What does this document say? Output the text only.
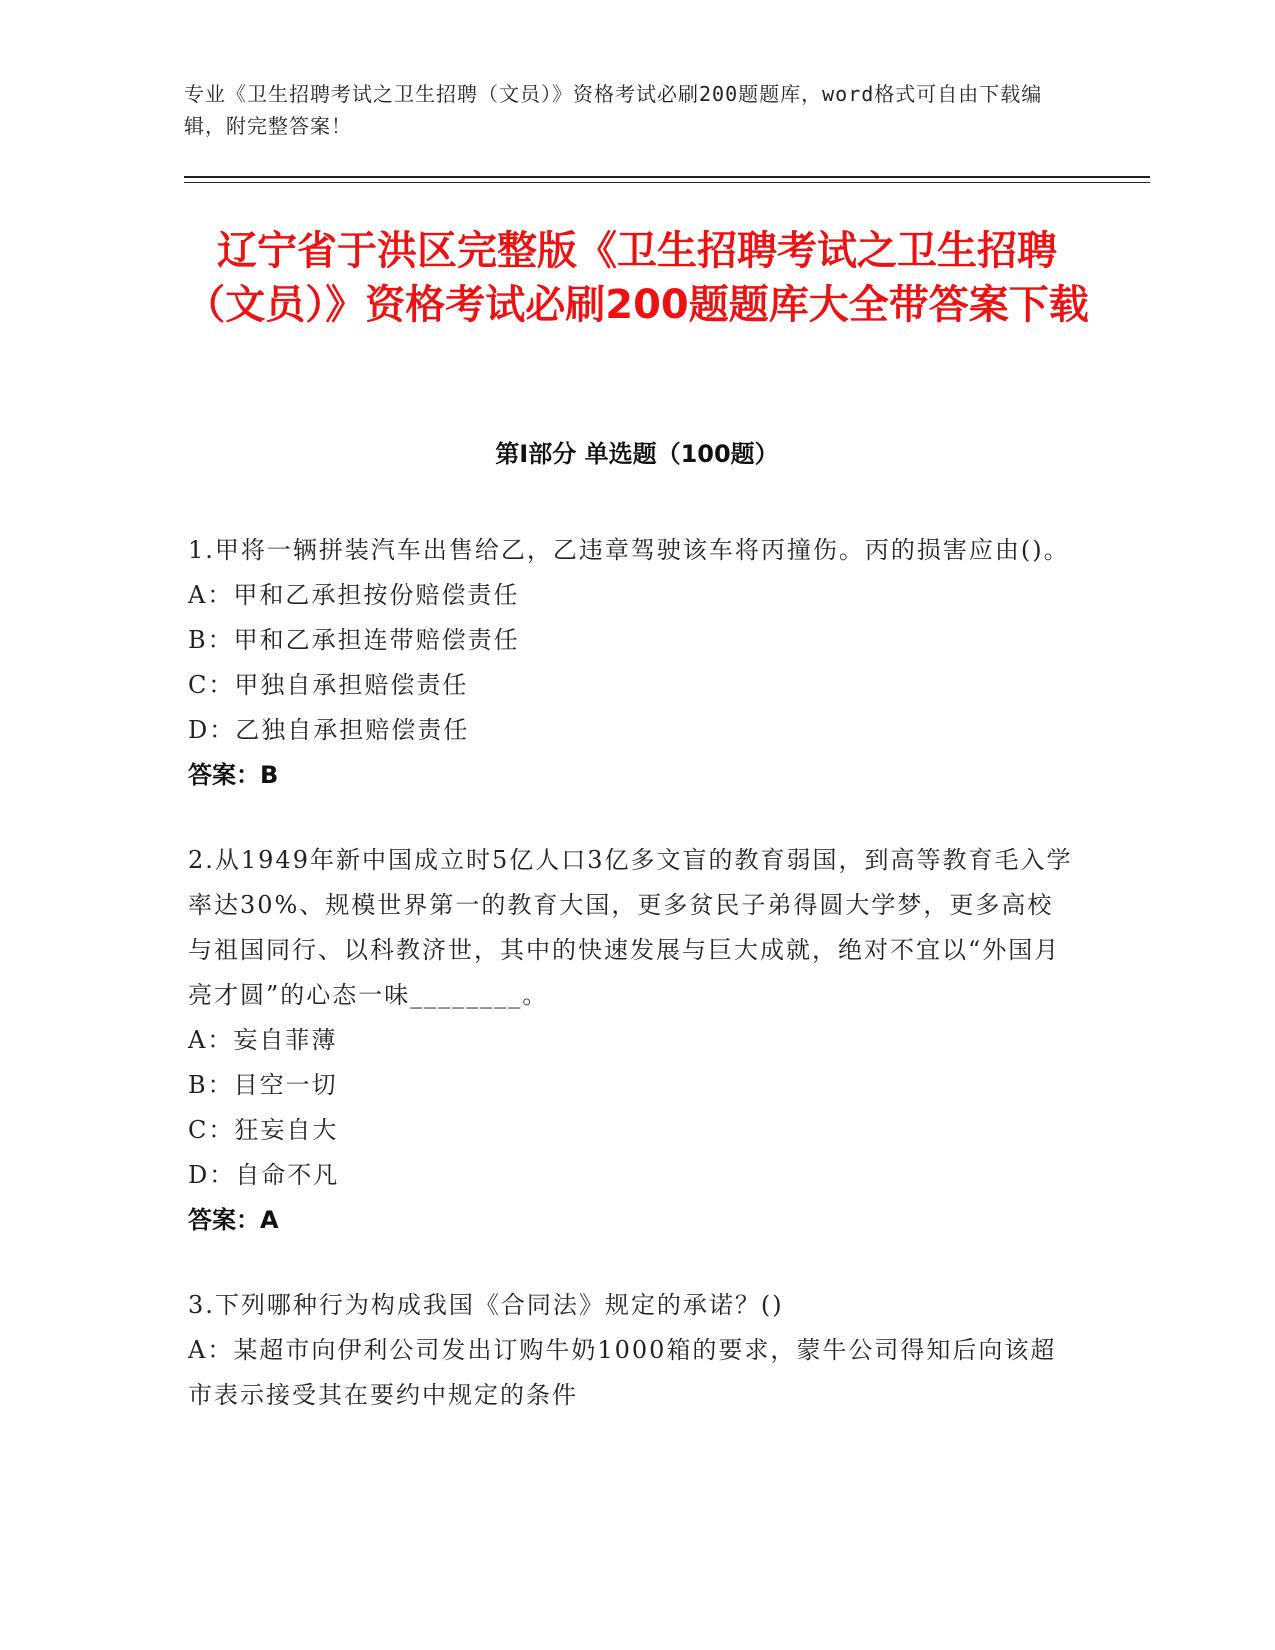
专业《卫生招聘考试之卫生招聘（文员）》资格考试必刷200题题库，word格式可自由下载编辑，附完整答案！
辽宁省于洪区完整版《卫生招聘考试之卫生招聘（文员）》资格考试必刷200题题库大全带答案下载
第Ⅰ部分 单选题（100题）
1.甲将一辆拼装汽车出售给乙，乙违章驾驶该车将丙撞伤。丙的损害应由()。
A：甲和乙承担按份赔偿责任
B：甲和乙承担连带赔偿责任
C：甲独自承担赔偿责任
D：乙独自承担赔偿责任
答案：B
2.从1949年新中国成立时5亿人口3亿多文盲的教育弱国，到高等教育毛入学率达30%、规模世界第一的教育大国，更多贫民子弟得圆大学梦，更多高校与祖国同行、以科教济世，其中的快速发展与巨大成就，绝对不宜以“外国月亮才圆”的心态一味________。
A：妄自菲薄
B：目空一切
C：狂妄自大
D：自命不凡
答案：A
3.下列哪种行为构成我国《合同法》规定的承诺？()
A：某超市向伊利公司发出订购牛奶1000箱的要求，蒙牛公司得知后向该超市表示接受其在要约中规定的条件
